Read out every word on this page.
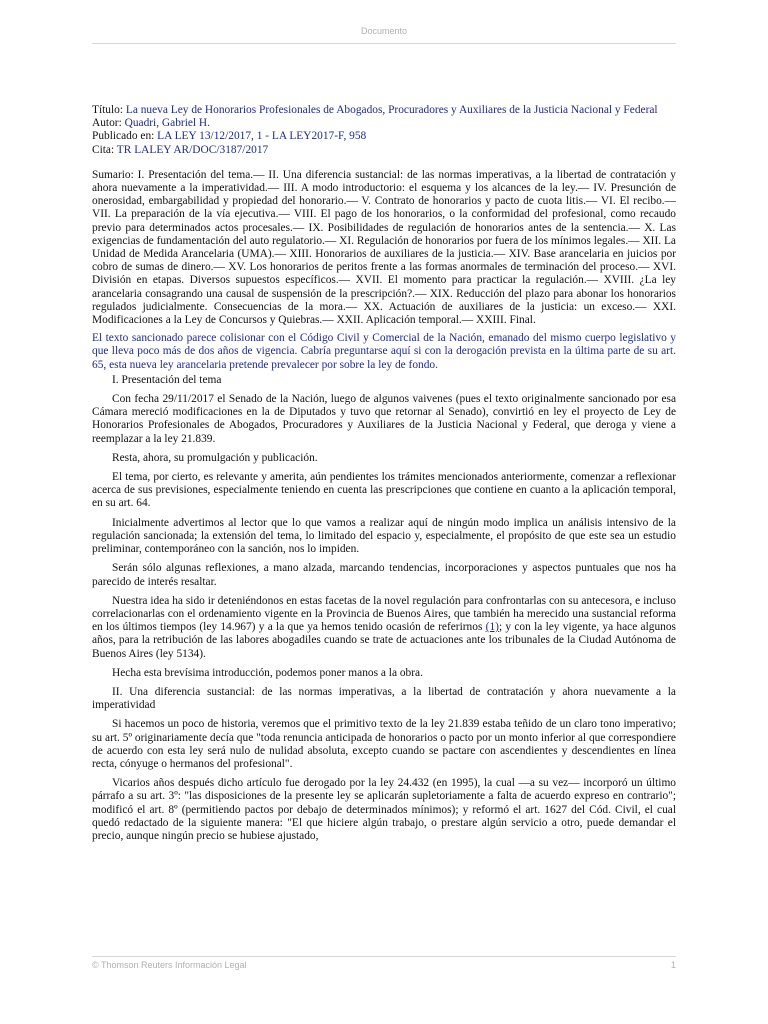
Documento

Título: La nueva Ley de Honorarios Profesionales de Abogados, Procuradores y Auxiliares de la Justicia Nacional y Federal

Autor: Quadri, Gabriel H.

Publicado en: LA LEY 13/12/2017, 1 - LA LEY2017-F, 958

Cita: TR LALEY AR/DOC/3187/2017

Sumario: I. Presentación del tema.— II. Una diferencia sustancial: de las normas imperativas, a la libertad de contratación y ahora nuevamente a la imperatividad.— III. A modo introductorio: el esquema y los alcances de la ley.— IV. Presunción de onerosidad, embargabilidad y propiedad del honorario.— V. Contrato de honorarios y pacto de cuota litis.— VI. El recibo.— VII. La preparación de la vía ejecutiva.— VIII. El pago de los honorarios, o la conformidad del profesional, como recaudo previo para determinados actos procesales.— IX. Posibilidades de regulación de honorarios antes de la sentencia.— X. Las exigencias de fundamentación del auto regulatorio.— XI. Regulación de honorarios por fuera de los mínimos legales.— XII. La Unidad de Medida Arancelaria (UMA).— XIII. Honorarios de auxiliares de la justicia.— XIV. Base arancelaria en juicios por cobro de sumas de dinero.— XV. Los honorarios de peritos frente a las formas anormales de terminación del proceso.— XVI. División en etapas. Diversos supuestos específicos.— XVII. El momento para practicar la regulación.— XVIII. ¿La ley arancelaria consagrando una causal de suspensión de la prescripción?.— XIX. Reducción del plazo para abonar los honorarios regulados judicialmente. Consecuencias de la mora.— XX. Actuación de auxiliares de la justicia: un exceso.— XXI. Modificaciones a la Ley de Concursos y Quiebras.— XXII. Aplicación temporal.— XXIII. Final.

El texto sancionado parece colisionar con el Código Civil y Comercial de la Nación, emanado del mismo cuerpo legislativo y que lleva poco más de dos años de vigencia. Cabría preguntarse aquí si con la derogación prevista en la última parte de su art. 65, esta nueva ley arancelaria pretende prevalecer por sobre la ley de fondo.

I. Presentación del tema

Con fecha 29/11/2017 el Senado de la Nación, luego de algunos vaivenes (pues el texto originalmente sancionado por esa Cámara mereció modificaciones en la de Diputados y tuvo que retornar al Senado), convirtió en ley el proyecto de Ley de Honorarios Profesionales de Abogados, Procuradores y Auxiliares de la Justicia Nacional y Federal, que deroga y viene a reemplazar a la ley 21.839.

Resta, ahora, su promulgación y publicación.

El tema, por cierto, es relevante y amerita, aún pendientes los trámites mencionados anteriormente, comenzar a reflexionar acerca de sus previsiones, especialmente teniendo en cuenta las prescripciones que contiene en cuanto a la aplicación temporal, en su art. 64.

Inicialmente advertimos al lector que lo que vamos a realizar aquí de ningún modo implica un análisis intensivo de la regulación sancionada; la extensión del tema, lo limitado del espacio y, especialmente, el propósito de que este sea un estudio preliminar, contemporáneo con la sanción, nos lo impiden.

Serán sólo algunas reflexiones, a mano alzada, marcando tendencias, incorporaciones y aspectos puntuales que nos ha parecido de interés resaltar.

Nuestra idea ha sido ir deteniéndonos en estas facetas de la novel regulación para confrontarlas con su antecesora, e incluso correlacionarlas con el ordenamiento vigente en la Provincia de Buenos Aires, que también ha merecido una sustancial reforma en los últimos tiempos (ley 14.967) y a la que ya hemos tenido ocasión de referirnos (1); y con la ley vigente, ya hace algunos años, para la retribución de las labores abogadiles cuando se trate de actuaciones ante los tribunales de la Ciudad Autónoma de Buenos Aires (ley 5134).

Hecha esta brevísima introducción, podemos poner manos a la obra.

II. Una diferencia sustancial: de las normas imperativas, a la libertad de contratación y ahora nuevamente a la imperatividad

Si hacemos un poco de historia, veremos que el primitivo texto de la ley 21.839 estaba teñido de un claro tono imperativo; su art. 5º originariamente decía que "toda renuncia anticipada de honorarios o pacto por un monto inferior al que correspondiere de acuerdo con esta ley será nulo de nulidad absoluta, excepto cuando se pactare con ascendientes y descendientes en línea recta, cónyuge o hermanos del profesional".

Vicarios años después dicho artículo fue derogado por la ley 24.432 (en 1995), la cual —a su vez— incorporó un último párrafo a su art. 3º: "las disposiciones de la presente ley se aplicarán supletoriamente a falta de acuerdo expreso en contrario"; modificó el art. 8º (permitiendo pactos por debajo de determinados mínimos); y reformó el art. 1627 del Cód. Civil, el cual quedó redactado de la siguiente manera: "El que hiciere algún trabajo, o prestare algún servicio a otro, puede demandar el precio, aunque ningún precio se hubiese ajustado,

© Thomson Reuters Información Legal	1
